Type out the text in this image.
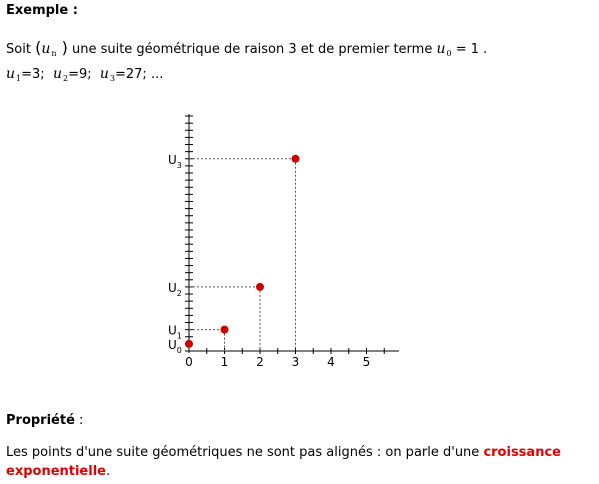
Exemple :
Soit ($u_n$ ) une suite géométrique de raison 3 et de premier terme $u_0 = 1$ .
$u_1=3$; $u_2=9$; $u_3=27$; ...
0 1 2 3 4 5
$U_0$
$U_1$
$U_2$
$U_3$
Propriété :
Les points d'une suite géométriques ne sont pas alignés : on parle d'une croissance
exponentielle.
